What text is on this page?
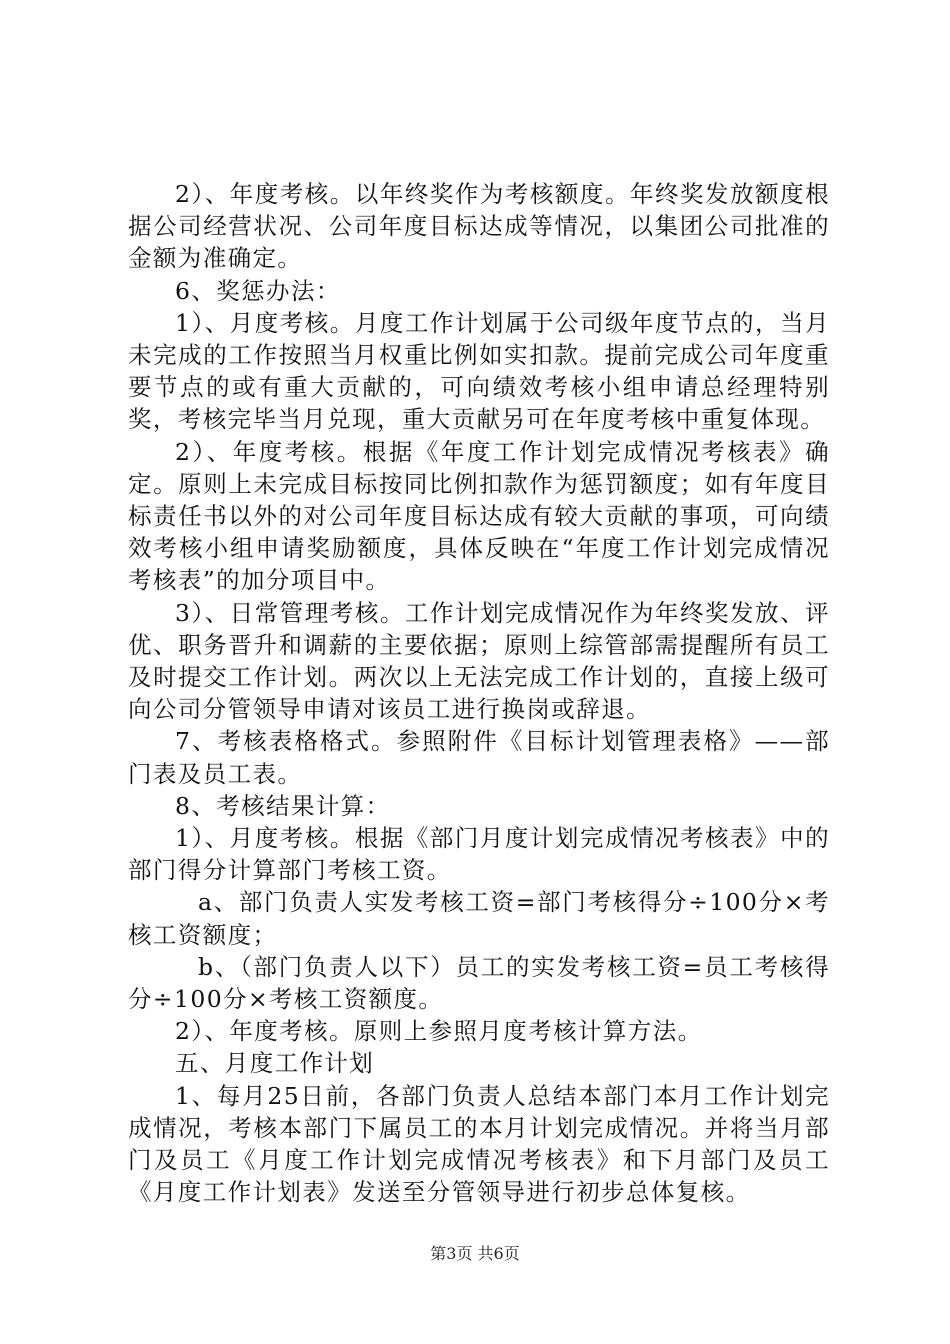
2）、年度考核。以年终奖作为考核额度。年终奖发放额度根据公司经营状况、公司年度目标达成等情况，以集团公司批准的金额为准确定。

6、奖惩办法：

1）、月度考核。月度工作计划属于公司级年度节点的，当月未完成的工作按照当月权重比例如实扣款。提前完成公司年度重要节点的或有重大贡献的，可向绩效考核小组申请总经理特别奖，考核完毕当月兑现，重大贡献另可在年度考核中重复体现。

2）、年度考核。根据《年度工作计划完成情况考核表》确定。原则上未完成目标按同比例扣款作为惩罚额度；如有年度目标责任书以外的对公司年度目标达成有较大贡献的事项，可向绩效考核小组申请奖励额度，具体反映在“年度工作计划完成情况考核表”的加分项目中。

3）、日常管理考核。工作计划完成情况作为年终奖发放、评优、职务晋升和调薪的主要依据；原则上综管部需提醒所有员工及时提交工作计划。两次以上无法完成工作计划的，直接上级可向公司分管领导申请对该员工进行换岗或辞退。

7、考核表格格式。参照附件《目标计划管理表格》——部门表及员工表。

8、考核结果计算：

1）、月度考核。根据《部门月度计划完成情况考核表》中的部门得分计算部门考核工资。

a、部门负责人实发考核工资=部门考核得分÷100分×考核工资额度；

b、（部门负责人以下）员工的实发考核工资=员工考核得分÷100分×考核工资额度。

2）、年度考核。原则上参照月度考核计算方法。

五、月度工作计划

1、每月25日前，各部门负责人总结本部门本月工作计划完成情况，考核本部门下属员工的本月计划完成情况。并将当月部门及员工《月度工作计划完成情况考核表》和下月部门及员工《月度工作计划表》发送至分管领导进行初步总体复核。

第3页 共6页
